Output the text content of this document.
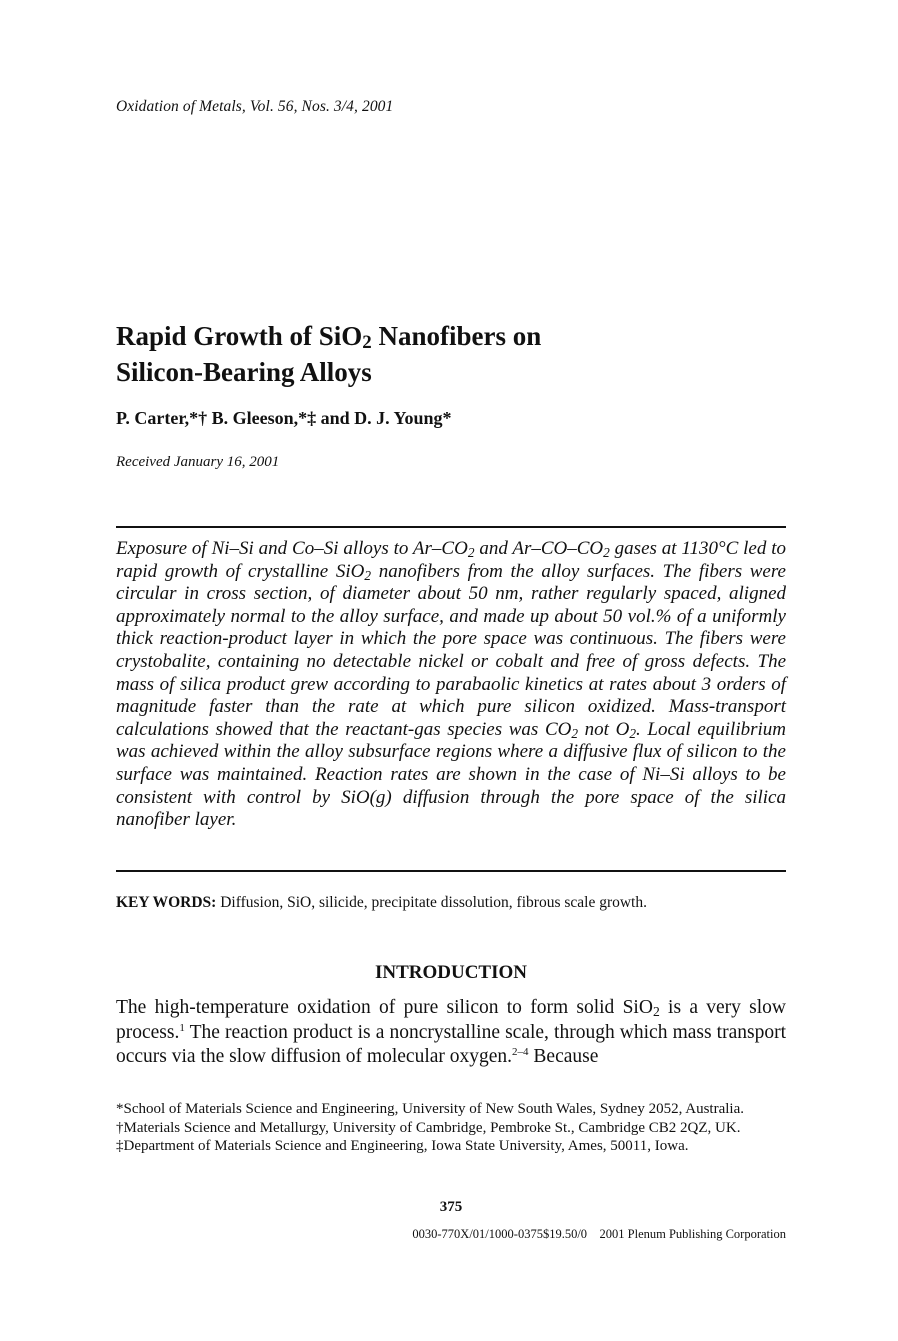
Oxidation of Metals, Vol. 56, Nos. 3/4, 2001
Rapid Growth of SiO$_2$ Nanofibers on
Silicon-Bearing Alloys
P. Carter,*† B. Gleeson,*‡ and D. J. Young*
Received January 16, 2001
Exposure of Ni–Si and Co–Si alloys to $Ar-CO_2$ and $Ar-CO-CO_2$ gases at 1130°C led to rapid growth of crystalline SiO$_2$ nanofibers from the alloy surfaces. The fibers were circular in cross section, of diameter about 50 nm, rather regularly spaced, aligned approximately normal to the alloy surface, and made up about 50 vol.% of a uniformly thick reaction-product layer in which the pore space was continuous. The fibers were crystobalite, containing no detectable nickel or cobalt and free of gross defects. The mass of silica product grew according to parabaolic kinetics at rates about 3 orders of magnitude faster than the rate at which pure silicon oxidized. Mass-transport calculations showed that the reactant-gas species was $CO_2$ not $O_2$. Local equilibrium was achieved within the alloy subsurface regions where a diffusive flux of silicon to the surface was maintained. Reaction rates are shown in the case of Ni–Si alloys to be consistent with control by SiO(g) diffusion through the pore space of the silica nanofiber layer.
KEY WORDS: Diffusion, SiO, silicide, precipitate dissolution, fibrous scale growth.
INTRODUCTION
The high-temperature oxidation of pure silicon to form solid SiO$_2$ is a very slow process.$^1$ The reaction product is a noncrystalline scale, through which mass transport occurs via the slow diffusion of molecular oxygen.$^{2-4}$ Because
*School of Materials Science and Engineering, University of New South Wales, Sydney 2052, Australia.
†Materials Science and Metallurgy, University of Cambridge, Pembroke St., Cambridge CB2 2QZ, UK.
‡Department of Materials Science and Engineering, Iowa State University, Ames, 50011, Iowa.
375
0030-770X/01/1000-0375$19.50/0    2001 Plenum Publishing Corporation
